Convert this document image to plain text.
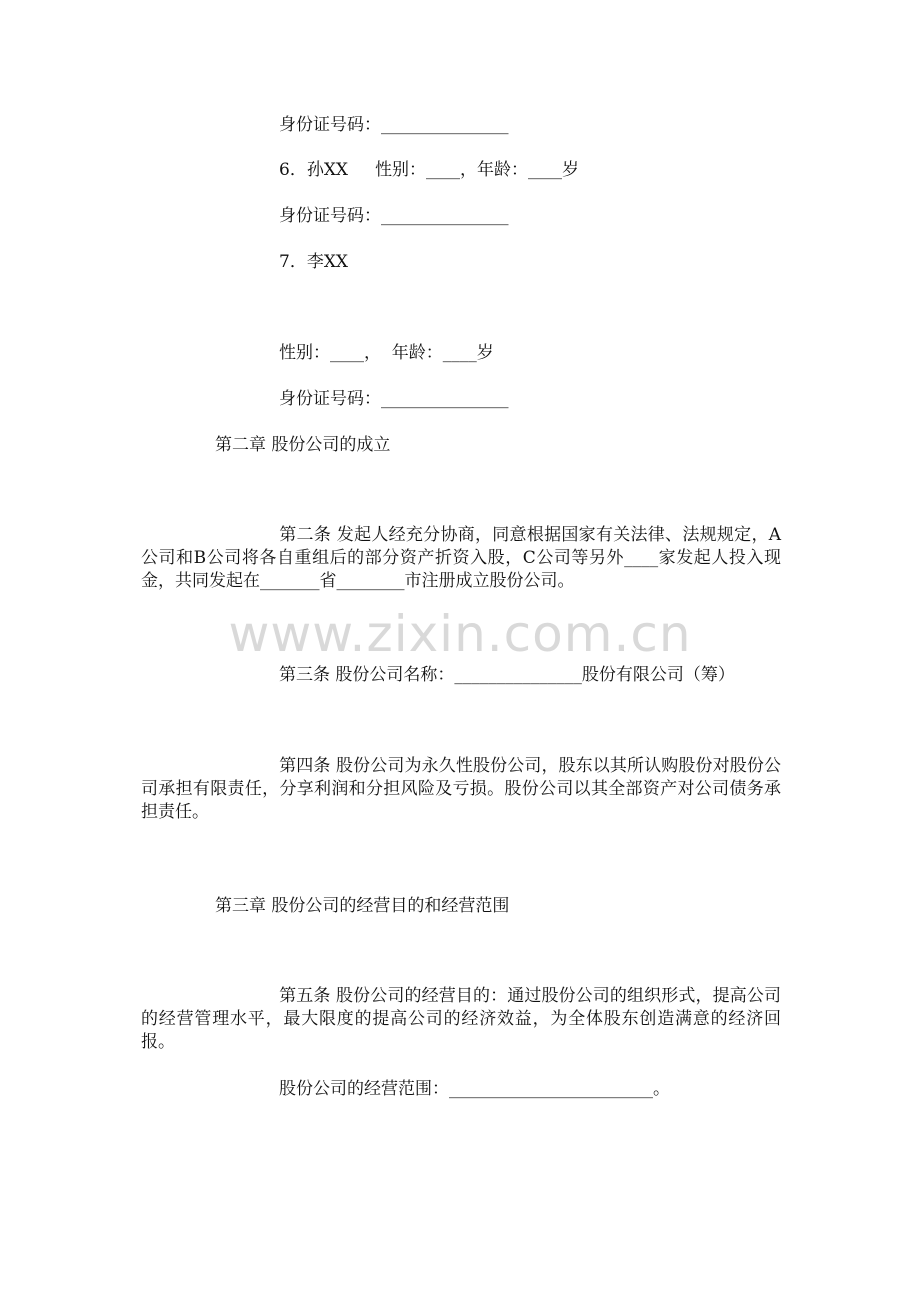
身份证号码：_______________
6．孙XX     性别：____，年龄：____岁
身份证号码：_______________
7．李XX
性别：____，  年龄：____岁
身份证号码：_______________
第二章 股份公司的成立
第二条 发起人经充分协商，同意根据国家有关法律、法规规定，A公司和B公司将各自重组后的部分资产折资入股，C公司等另外____家发起人投入现金，共同发起在_______省________市注册成立股份公司。
www.zixin.com.cn
第三条 股份公司名称：_______________股份有限公司（筹）
第四条 股份公司为永久性股份公司，股东以其所认购股份对股份公司承担有限责任，分享利润和分担风险及亏损。股份公司以其全部资产对公司债务承担责任。
第三章 股份公司的经营目的和经营范围
第五条 股份公司的经营目的：通过股份公司的组织形式，提高公司的经营管理水平，最大限度的提高公司的经济效益，为全体股东创造满意的经济回报。
股份公司的经营范围：________________________。
